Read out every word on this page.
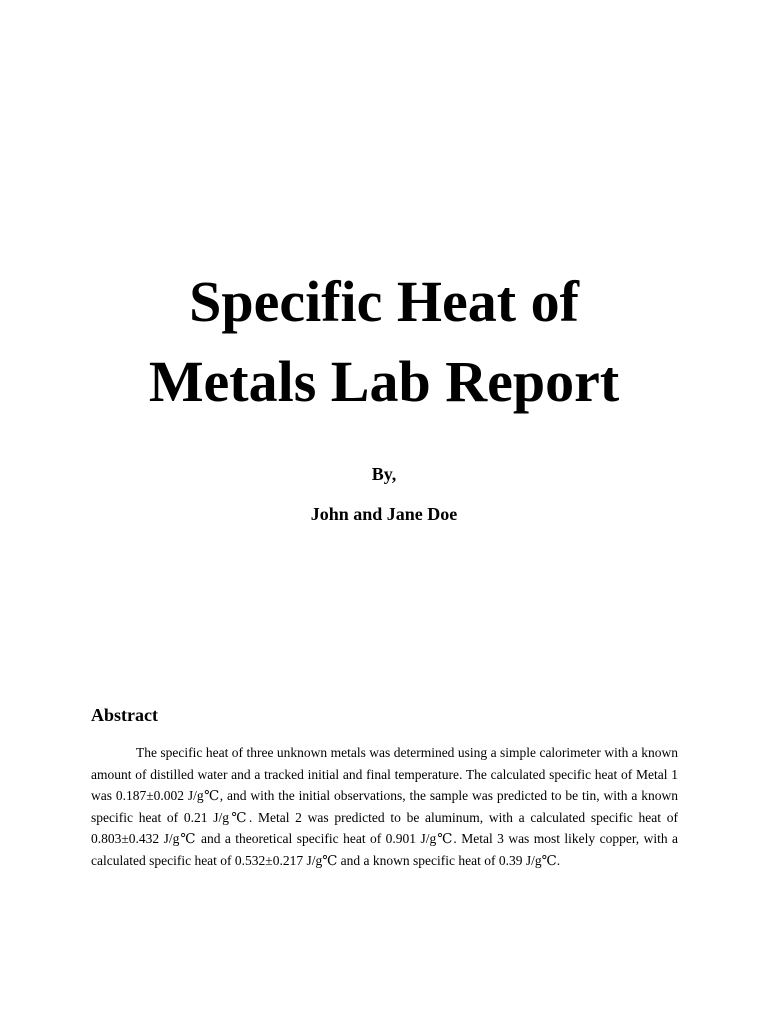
Specific Heat of
Metals Lab Report

By,

John and Jane Doe

Abstract

The specific heat of three unknown metals was determined using a simple calorimeter with a known amount of distilled water and a tracked initial and final temperature. The calculated specific heat of Metal 1 was 0.187±0.002 J/g℃, and with the initial observations, the sample was predicted to be tin, with a known specific heat of 0.21 J/g℃. Metal 2 was predicted to be aluminum, with a calculated specific heat of 0.803±0.432 J/g℃ and a theoretical specific heat of 0.901 J/g℃. Metal 3 was most likely copper, with a calculated specific heat of 0.532±0.217 J/g℃ and a known specific heat of 0.39 J/g℃.
